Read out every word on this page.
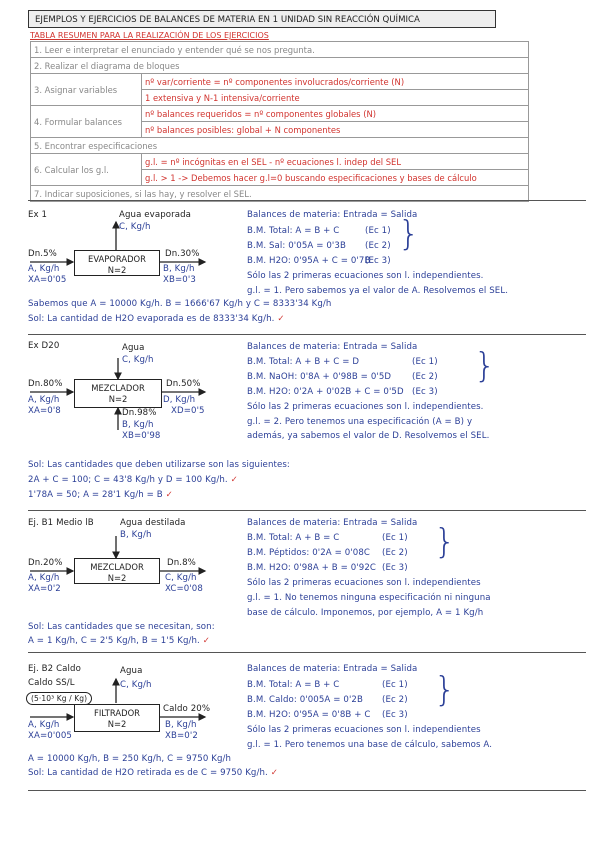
EJEMPLOS Y EJERCICIOS DE BALANCES DE MATERIA EN 1 UNIDAD SIN REACCIÓN QUÍMICA
TABLA RESUMEN PARA LA REALIZACIÓN DE LOS EJERCICIOS
1. Leer e interpretar el enunciado y entender qué se nos pregunta.	
2. Realizar el diagrama de bloques	
3. Asignar variables	nº var/corriente = nº componentes involucrados/corriente (N)
	1 extensiva y N-1 intensiva/corriente
4. Formular balances	nº balances requeridos = nº componentes globales (N)
	nº balances posibles: global + N componentes
5. Encontrar especificaciones	
6. Calcular los g.l.	g.l. = nº incógnitas en el SEL - nº ecuaciones l. indep del SEL
	g.l. > 1 -> Debemos hacer g.l=0 buscando especificaciones y bases de cálculo
7. Indicar suposiciones, si las hay, y resolver el SEL.	
Ex 1	Agua evaporada
C, Kg/h
EVAPORADOR
N=2
Dn.5%
A, Kg/h
XA=0'05
Dn.30%
B, Kg/h
XB=0'3
Balances de materia: Entrada = Salida
B.M. Total: A = B + C	(Ec 1)
B.M. Sal: 0'05A = 0'3B (Ec 2) }
B.M. H2O: 0'95A + C = 0'7B
(Ec 3)
Sólo las 2 primeras ecuaciones son l. independientes.
g.l. = 1. Pero sabemos ya el valor de A. Resolvemos el SEL.
Sabemos que A = 10000 Kg/h. B = 1666'67 Kg/h y C = 8333'34 Kg/h
Sol: La cantidad de H2O evaporada es de 8333'34 Kg/h. ✓
Ex D20	Agua
C, Kg/h
MEZCLADOR
N=2
Dn.80%
A, Kg/h
XA=0'8
Dn.50%
D, Kg/h
XD=0'5
Dn.98%
B, Kg/h
XB=0'98
Balances de materia: Entrada = Salida
B.M. Total: A + B + C = D	(Ec 1)
B.M. NaOH: 0'8A + 0'98B = 0'5D (Ec 2) }
B.M. H2O: 0'2A + 0'02B + C = 0'5D (Ec 3)
Sólo las 2 primeras ecuaciones son l. independientes.
g.l. = 2. Pero tenemos una especificación (A = B) y
además, ya sabemos el valor de D. Resolvemos el SEL.
Sol: Las cantidades que deben utilizarse son las siguientes:
2A + C = 100; C = 43'8 Kg/h y D = 100 Kg/h. ✓
1'78A = 50; A = 28'1 Kg/h = B ✓
Ej. B1 Medio lB	Agua destilada
B, Kg/h
MEZCLADOR
N=2
Dn.20%
A, Kg/h
XA=0'2
Dn.8%
C, Kg/h
XC=0'08
Balances de materia: Entrada = Salida
B.M. Total: A + B = C	(Ec 1)
B.M. Péptidos: 0'2A = 0'08C (Ec 2) }
B.M. H2O: 0'98A + B = 0'92C (Ec 3)
Sólo las 2 primeras ecuaciones son l. independientes
g.l. = 1. No tenemos ninguna especificación ni ninguna
base de cálculo. Imponemos, por ejemplo, A = 1 Kg/h
Sol: Las cantidades que se necesitan, son:
A = 1 Kg/h, C = 2'5 Kg/h, B = 1'5 Kg/h. ✓
Ej. B2 Caldo	Agua
C, Kg/h
Caldo SS/L
(5·10³ Kg / Kg)
FILTRADOR
N=2
A, Kg/h
XA=0'005
Caldo 20%
B, Kg/h
XB=0'2
Balances de materia: Entrada = Salida
B.M. Total: A = B + C	(Ec 1)
B.M. Caldo: 0'005A = 0'2B (Ec 2) }
B.M. H2O: 0'95A = 0'8B + C (Ec 3)
Sólo las 2 primeras ecuaciones son l. independientes
g.l. = 1. Pero tenemos una base de cálculo, sabemos A.
A = 10000 Kg/h, B = 250 Kg/h, C = 9750 Kg/h
Sol: La cantidad de H2O retirada es de C = 9750 Kg/h. ✓
